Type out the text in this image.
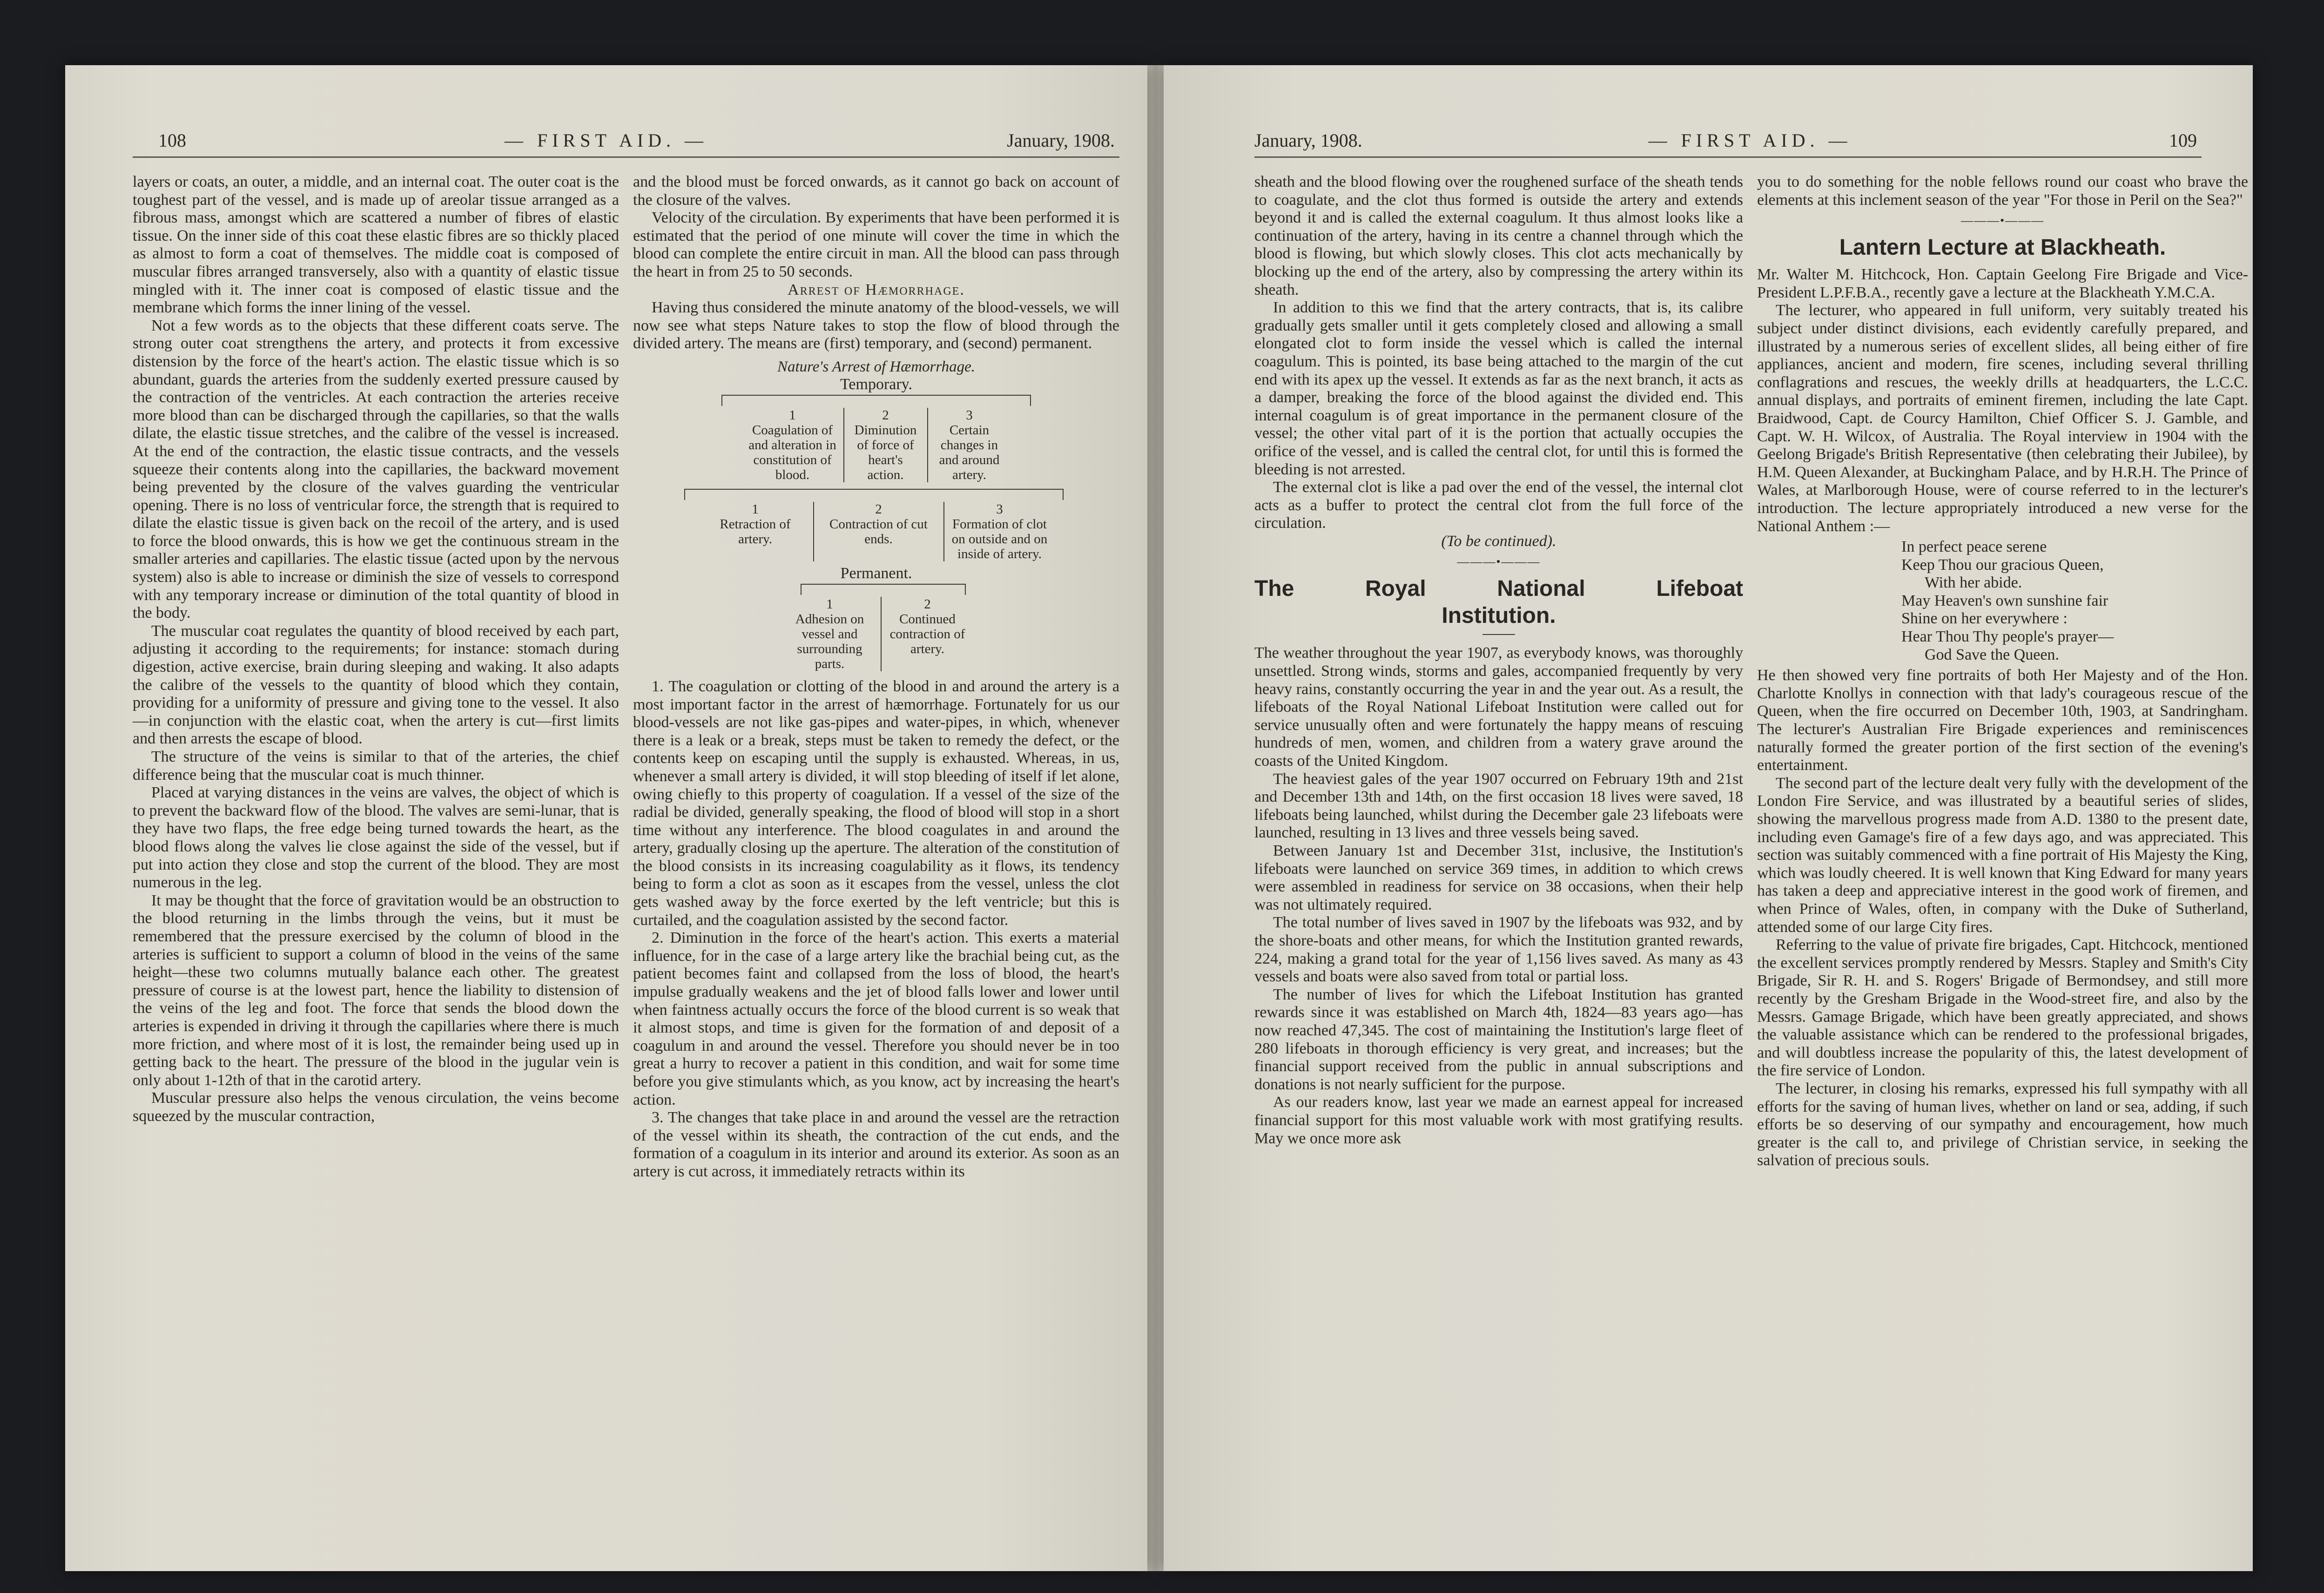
108	— FIRST AID. —	January, 1908.

layers or coats, an outer, a middle, and an internal coat. The outer coat is the toughest part of the vessel, and is made up of areolar tissue arranged as a fibrous mass, amongst which are scattered a number of fibres of elastic tissue. On the inner side of this coat these elastic fibres are so thickly placed as almost to form a coat of themselves. The middle coat is composed of muscular fibres arranged transversely, also with a quantity of elastic tissue mingled with it. The inner coat is composed of elastic tissue and the membrane which forms the inner lining of the vessel.

Not a few words as to the objects that these different coats serve. The strong outer coat strengthens the artery, and protects it from excessive distension by the force of the heart's action. The elastic tissue which is so abundant, guards the arteries from the suddenly exerted pressure caused by the contraction of the ventricles. At each contraction the arteries receive more blood than can be discharged through the capillaries, so that the walls dilate, the elastic tissue stretches, and the calibre of the vessel is increased. At the end of the contraction, the elastic tissue contracts, and the vessels squeeze their contents along into the capillaries, the backward movement being prevented by the closure of the valves guarding the ventricular opening. There is no loss of ventricular force, the strength that is required to dilate the elastic tissue is given back on the recoil of the artery, and is used to force the blood onwards, this is how we get the continuous stream in the smaller arteries and capillaries. The elastic tissue (acted upon by the nervous system) also is able to increase or diminish the size of vessels to correspond with any temporary increase or diminution of the total quantity of blood in the body.

The muscular coat regulates the quantity of blood received by each part, adjusting it according to the requirements; for instance: stomach during digestion, active exercise, brain during sleeping and waking. It also adapts the calibre of the vessels to the quantity of blood which they contain, providing for a uniformity of pressure and giving tone to the vessel. It also—in conjunction with the elastic coat, when the artery is cut—first limits and then arrests the escape of blood.

The structure of the veins is similar to that of the arteries, the chief difference being that the muscular coat is much thinner.

Placed at varying distances in the veins are valves, the object of which is to prevent the backward flow of the blood. The valves are semi-lunar, that is they have two flaps, the free edge being turned towards the heart, as the blood flows along the valves lie close against the side of the vessel, but if put into action they close and stop the current of the blood. They are most numerous in the leg.

It may be thought that the force of gravitation would be an obstruction to the blood returning in the limbs through the veins, but it must be remembered that the pressure exercised by the column of blood in the arteries is sufficient to support a column of blood in the veins of the same height—these two columns mutually balance each other. The greatest pressure of course is at the lowest part, hence the liability to distension of the veins of the leg and foot. The force that sends the blood down the arteries is expended in driving it through the capillaries where there is much more friction, and where most of it is lost, the remainder being used up in getting back to the heart. The pressure of the blood in the jugular vein is only about 1-12th of that in the carotid artery.

Muscular pressure also helps the venous circulation, the veins become squeezed by the muscular contraction,

and the blood must be forced onwards, as it cannot go back on account of the closure of the valves.

Velocity of the circulation. By experiments that have been performed it is estimated that the period of one minute will cover the time in which the blood can complete the entire circuit in man. All the blood can pass through the heart in from 25 to 50 seconds.

Arrest of Hæmorrhage.

Having thus considered the minute anatomy of the blood-vessels, we will now see what steps Nature takes to stop the flow of blood through the divided artery. The means are (first) temporary, and (second) permanent.

Nature's Arrest of Hæmorrhage.
Temporary.
1
Coagulation of and alteration in constitution of blood.
2
Diminution of force of heart's action.
3
Certain changes in and around artery.
1
Retraction of artery.
2
Contraction of cut ends.
3
Formation of clot on outside and on inside of artery.
Permanent.
1
Adhesion on vessel and surrounding parts.
2
Continued contraction of artery.

1. The coagulation or clotting of the blood in and around the artery is a most important factor in the arrest of hæmorrhage. Fortunately for us our blood-vessels are not like gas-pipes and water-pipes, in which, whenever there is a leak or a break, steps must be taken to remedy the defect, or the contents keep on escaping until the supply is exhausted. Whereas, in us, whenever a small artery is divided, it will stop bleeding of itself if let alone, owing chiefly to this property of coagulation. If a vessel of the size of the radial be divided, generally speaking, the flood of blood will stop in a short time without any interference. The blood coagulates in and around the artery, gradually closing up the aperture. The alteration of the constitution of the blood consists in its increasing coagulability as it flows, its tendency being to form a clot as soon as it escapes from the vessel, unless the clot gets washed away by the force exerted by the left ventricle; but this is curtailed, and the coagulation assisted by the second factor.

2. Diminution in the force of the heart's action. This exerts a material influence, for in the case of a large artery like the brachial being cut, as the patient becomes faint and collapsed from the loss of blood, the heart's impulse gradually weakens and the jet of blood falls lower and lower until when faintness actually occurs the force of the blood current is so weak that it almost stops, and time is given for the formation of and deposit of a coagulum in and around the vessel. Therefore you should never be in too great a hurry to recover a patient in this condition, and wait for some time before you give stimulants which, as you know, act by increasing the heart's action.

3. The changes that take place in and around the vessel are the retraction of the vessel within its sheath, the contraction of the cut ends, and the formation of a coagulum in its interior and around its exterior. As soon as an artery is cut across, it immediately retracts within its

January, 1908.	— FIRST AID. —	109

sheath and the blood flowing over the roughened surface of the sheath tends to coagulate, and the clot thus formed is outside the artery and extends beyond it and is called the external coagulum. It thus almost looks like a continuation of the artery, having in its centre a channel through which the blood is flowing, but which slowly closes. This clot acts mechanically by blocking up the end of the artery, also by compressing the artery within its sheath.

In addition to this we find that the artery contracts, that is, its calibre gradually gets smaller until it gets completely closed and allowing a small elongated clot to form inside the vessel which is called the internal coagulum. This is pointed, its base being attached to the margin of the cut end with its apex up the vessel. It extends as far as the next branch, it acts as a damper, breaking the force of the blood against the divided end. This internal coagulum is of great importance in the permanent closure of the vessel; the other vital part of it is the portion that actually occupies the orifice of the vessel, and is called the central clot, for until this is formed the bleeding is not arrested.

The external clot is like a pad over the end of the vessel, the internal clot acts as a buffer to protect the central clot from the full force of the circulation.

(To be continued).

———•———
The	Royal	National	Lifeboat
Institution.

The weather throughout the year 1907, as everybody knows, was thoroughly unsettled. Strong winds, storms and gales, accompanied frequently by very heavy rains, constantly occurring the year in and the year out. As a result, the lifeboats of the Royal National Lifeboat Institution were called out for service unusually often and were fortunately the happy means of rescuing hundreds of men, women, and children from a watery grave around the coasts of the United Kingdom.

The heaviest gales of the year 1907 occurred on February 19th and 21st and December 13th and 14th, on the first occasion 18 lives were saved, 18 lifeboats being launched, whilst during the December gale 23 lifeboats were launched, resulting in 13 lives and three vessels being saved.

Between January 1st and December 31st, inclusive, the Institution's lifeboats were launched on service 369 times, in addition to which crews were assembled in readiness for service on 38 occasions, when their help was not ultimately required.

The total number of lives saved in 1907 by the lifeboats was 932, and by the shore-boats and other means, for which the Institution granted rewards, 224, making a grand total for the year of 1,156 lives saved. As many as 43 vessels and boats were also saved from total or partial loss.

The number of lives for which the Lifeboat Institution has granted rewards since it was established on March 4th, 1824—83 years ago—has now reached 47,345. The cost of maintaining the Institution's large fleet of 280 lifeboats in thorough efficiency is very great, and increases; but the financial support received from the public in annual subscriptions and donations is not nearly sufficient for the purpose.

As our readers know, last year we made an earnest appeal for increased financial support for this most valuable work with most gratifying results. May we once more ask

you to do something for the noble fellows round our coast who brave the elements at this inclement season of the year "For those in Peril on the Sea?"

———•———
Lantern Lecture at Blackheath.

Mr. Walter M. Hitchcock, Hon. Captain Geelong Fire Brigade and Vice-President L.P.F.B.A., recently gave a lecture at the Blackheath Y.M.C.A.

The lecturer, who appeared in full uniform, very suitably treated his subject under distinct divisions, each evidently carefully prepared, and illustrated by a numerous series of excellent slides, all being either of fire appliances, ancient and modern, fire scenes, including several thrilling conflagrations and rescues, the weekly drills at headquarters, the L.C.C. annual displays, and portraits of eminent firemen, including the late Capt. Braidwood, Capt. de Courcy Hamilton, Chief Officer S. J. Gamble, and Capt. W. H. Wilcox, of Australia. The Royal interview in 1904 with the Geelong Brigade's British Representative (then celebrating their Jubilee), by H.M. Queen Alexander, at Buckingham Palace, and by H.R.H. The Prince of Wales, at Marlborough House, were of course referred to in the lecturer's introduction. The lecture appropriately introduced a new verse for the National Anthem :—

In perfect peace serene
Keep Thou our gracious Queen,
With her abide.
May Heaven's own sunshine fair
Shine on her everywhere :
Hear Thou Thy people's prayer—
God Save the Queen.

He then showed very fine portraits of both Her Majesty and of the Hon. Charlotte Knollys in connection with that lady's courageous rescue of the Queen, when the fire occurred on December 10th, 1903, at Sandringham. The lecturer's Australian Fire Brigade experiences and reminiscences naturally formed the greater portion of the first section of the evening's entertainment.

The second part of the lecture dealt very fully with the development of the London Fire Service, and was illustrated by a beautiful series of slides, showing the marvellous progress made from A.D. 1380 to the present date, including even Gamage's fire of a few days ago, and was appreciated. This section was suitably commenced with a fine portrait of His Majesty the King, which was loudly cheered. It is well known that King Edward for many years has taken a deep and appreciative interest in the good work of firemen, and when Prince of Wales, often, in company with the Duke of Sutherland, attended some of our large City fires.

Referring to the value of private fire brigades, Capt. Hitchcock, mentioned the excellent services promptly rendered by Messrs. Stapley and Smith's City Brigade, Sir R. H. and S. Rogers' Brigade of Bermondsey, and still more recently by the Gresham Brigade in the Wood-street fire, and also by the Messrs. Gamage Brigade, which have been greatly appreciated, and shows the valuable assistance which can be rendered to the professional brigades, and will doubtless increase the popularity of this, the latest development of the fire service of London.

The lecturer, in closing his remarks, expressed his full sympathy with all efforts for the saving of human lives, whether on land or sea, adding, if such efforts be so deserving of our sympathy and encouragement, how much greater is the call to, and privilege of Christian service, in seeking the salvation of precious souls.
